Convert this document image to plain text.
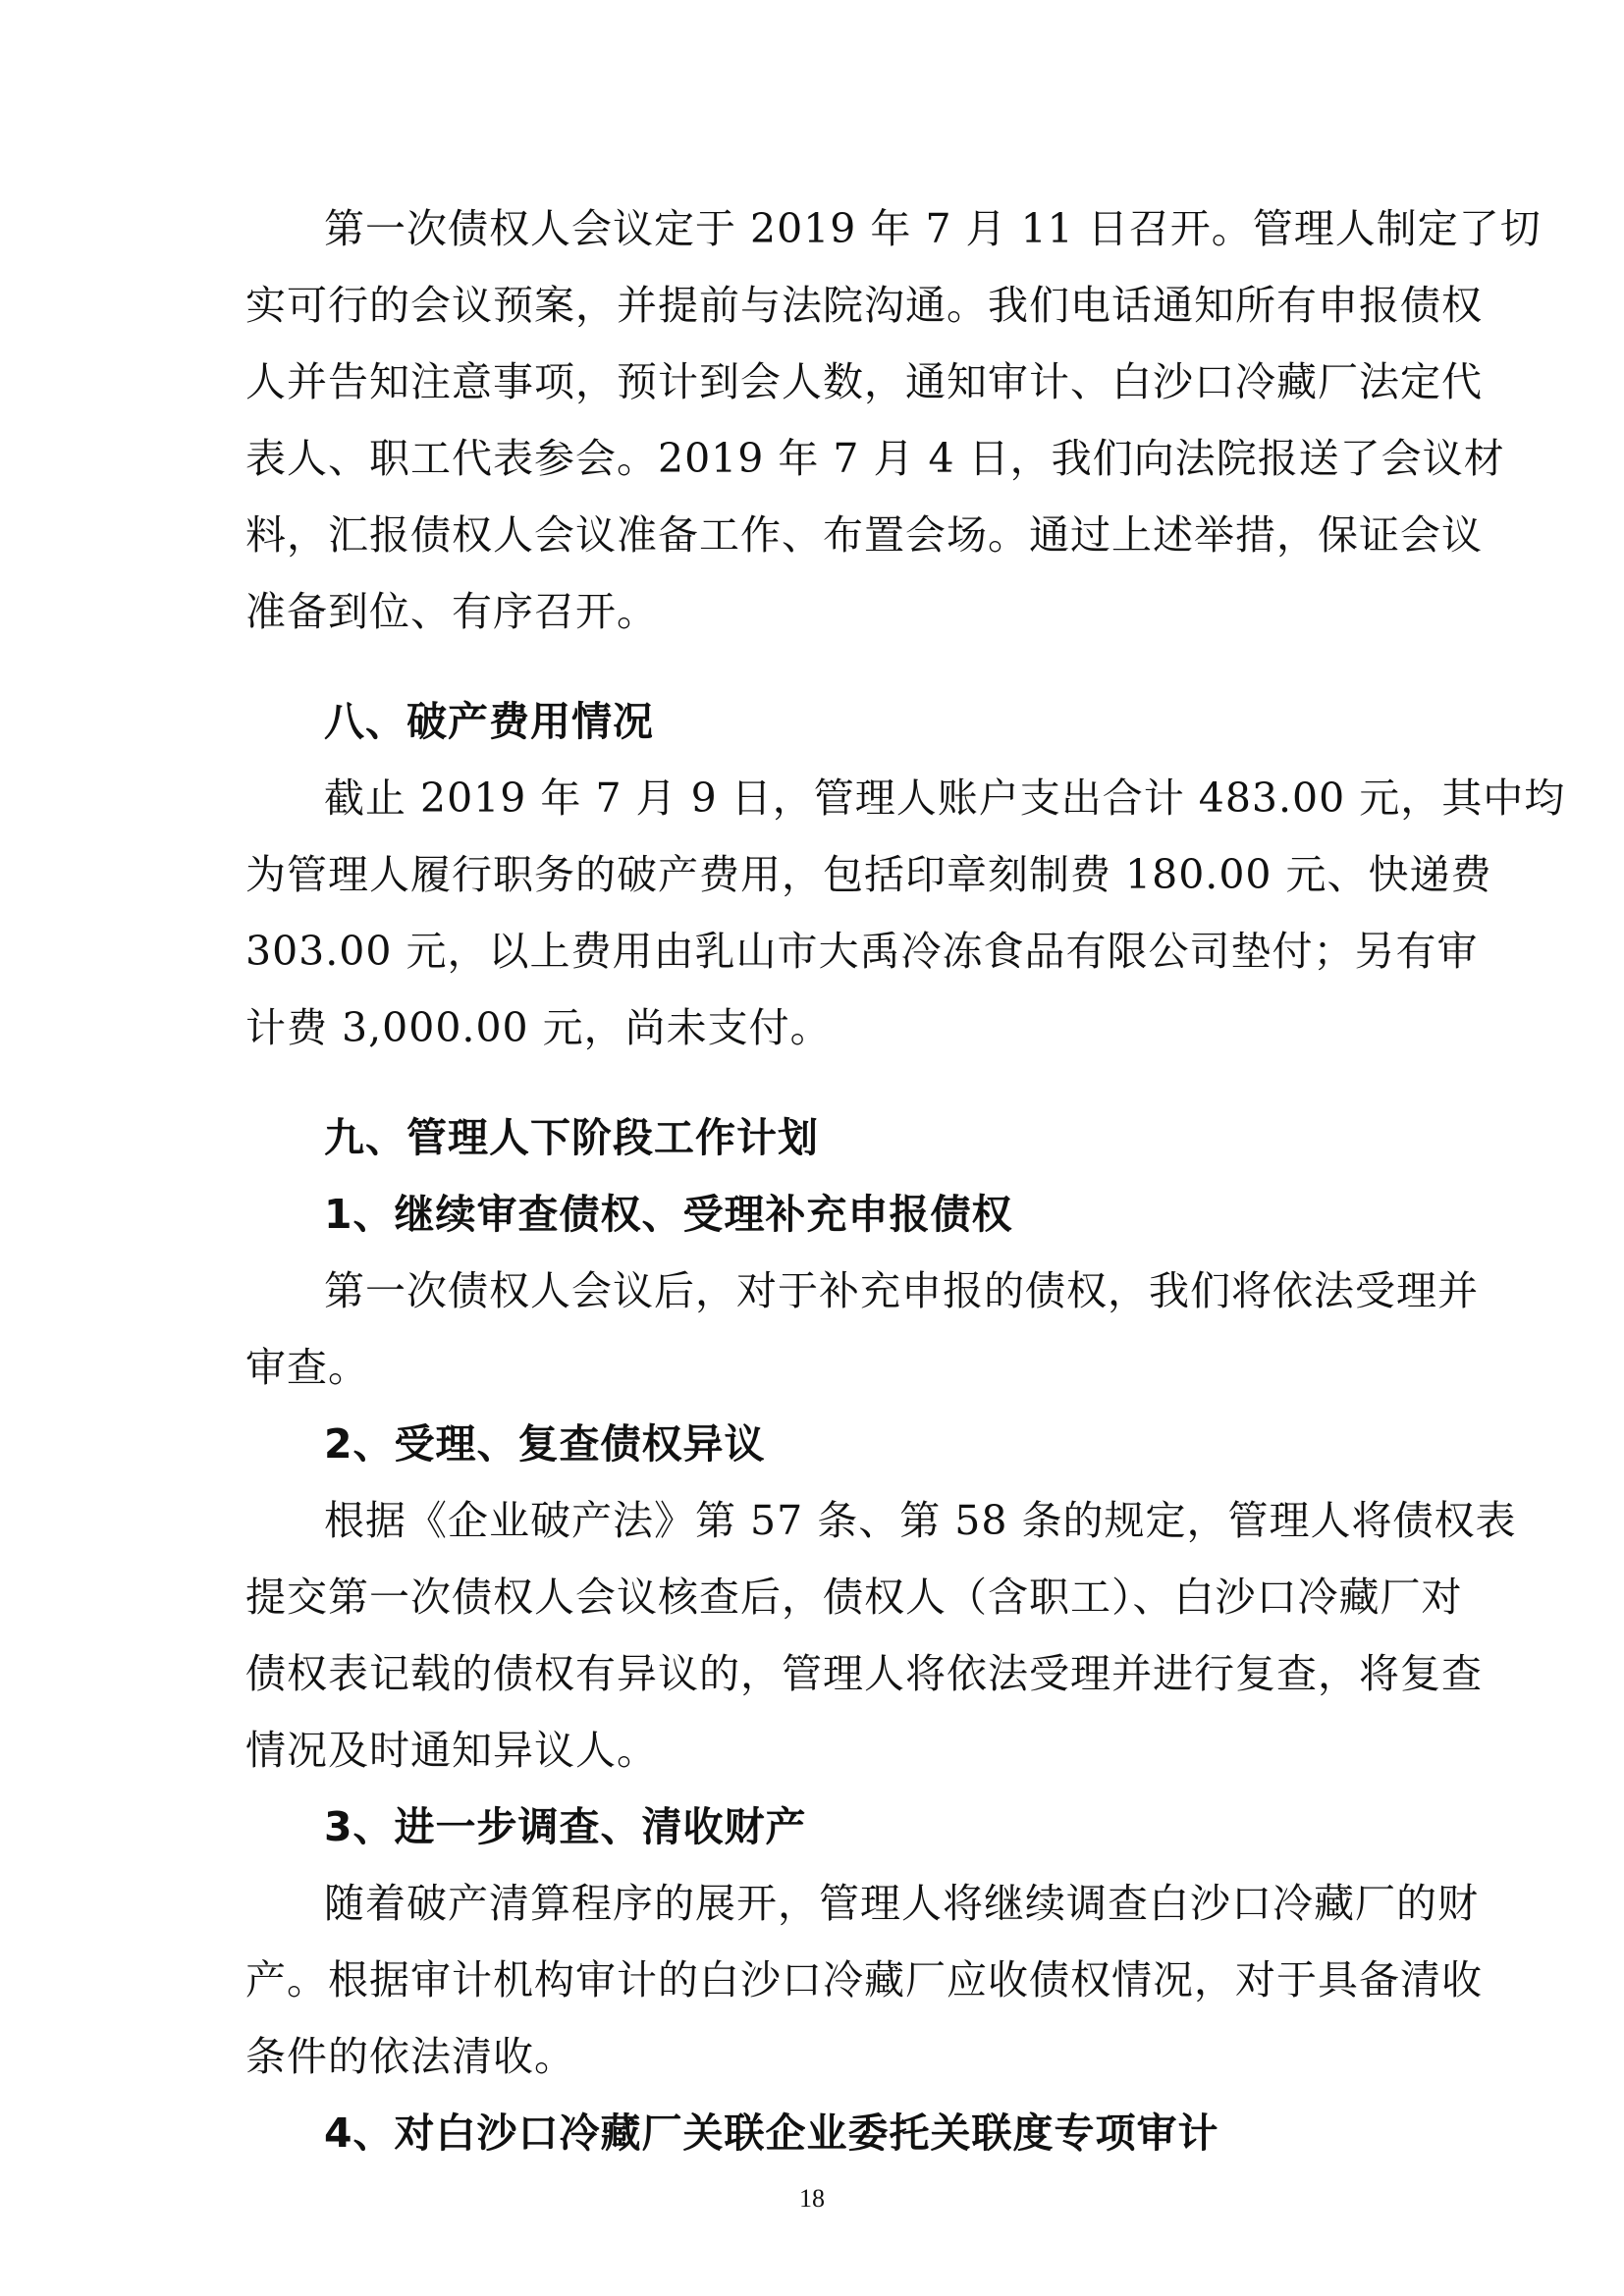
第一次债权人会议定于 2019 年 7 月 11 日召开。管理人制定了切
实可行的会议预案，并提前与法院沟通。我们电话通知所有申报债权
人并告知注意事项，预计到会人数，通知审计、白沙口冷藏厂法定代
表人、职工代表参会。2019 年 7 月 4 日，我们向法院报送了会议材
料，汇报债权人会议准备工作、布置会场。通过上述举措，保证会议
准备到位、有序召开。
八、破产费用情况
截止 2019 年 7 月 9 日，管理人账户支出合计 483.00 元，其中均
为管理人履行职务的破产费用，包括印章刻制费 180.00 元、快递费
303.00 元，以上费用由乳山市大禹冷冻食品有限公司垫付；另有审
计费 3,000.00 元，尚未支付。
九、管理人下阶段工作计划
1、继续审查债权、受理补充申报债权
第一次债权人会议后，对于补充申报的债权，我们将依法受理并
审查。
2、受理、复查债权异议
根据《企业破产法》第 57 条、第 58 条的规定，管理人将债权表
提交第一次债权人会议核查后，债权人（含职工）、白沙口冷藏厂对
债权表记载的债权有异议的，管理人将依法受理并进行复查，将复查
情况及时通知异议人。
3、进一步调查、清收财产
随着破产清算程序的展开，管理人将继续调查白沙口冷藏厂的财
产。根据审计机构审计的白沙口冷藏厂应收债权情况，对于具备清收
条件的依法清收。
4、对白沙口冷藏厂关联企业委托关联度专项审计
18
